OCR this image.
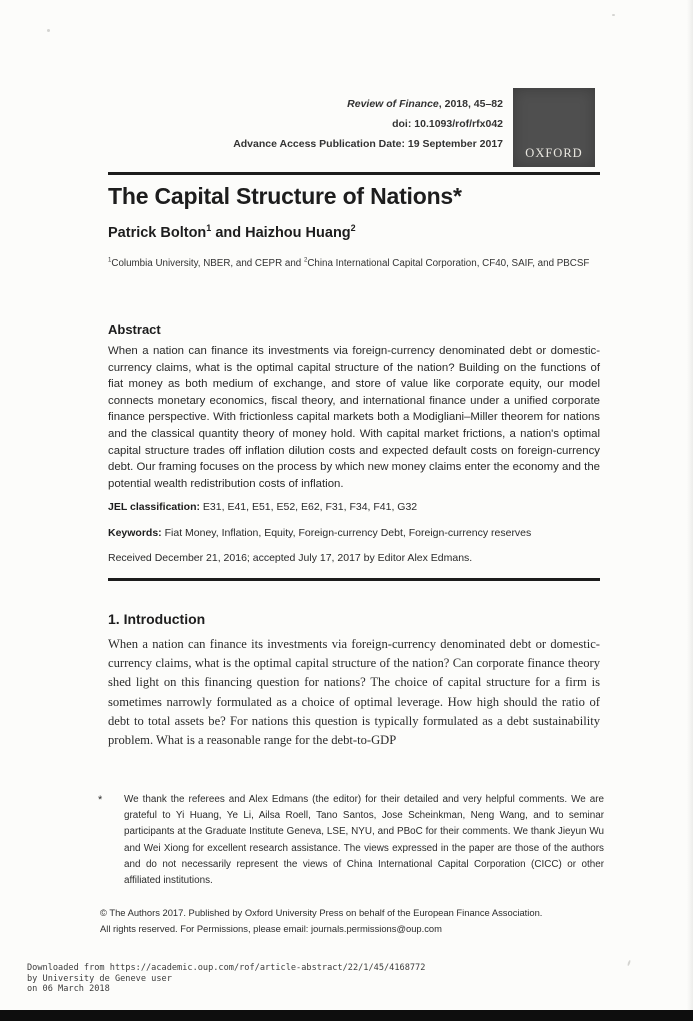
Review of Finance, 2018, 45–82
doi: 10.1093/rof/rfx042
Advance Access Publication Date: 19 September 2017
OXFORD
The Capital Structure of Nations*
Patrick Bolton$^1$ and Haizhou Huang$^2$
$^1$Columbia University, NBER, and CEPR and $^2$China International Capital Corporation, CF40, SAIF, and PBCSF
Abstract
When a nation can finance its investments via foreign-currency denominated debt or domestic-currency claims, what is the optimal capital structure of the nation? Building on the functions of fiat money as both medium of exchange, and store of value like corporate equity, our model connects monetary economics, fiscal theory, and international finance under a unified corporate finance perspective. With frictionless capital markets both a Modigliani–Miller theorem for nations and the classical quantity theory of money hold. With capital market frictions, a nation's optimal capital structure trades off inflation dilution costs and expected default costs on foreign-currency debt. Our framing focuses on the process by which new money claims enter the economy and the potential wealth redistribution costs of inflation.
JEL classification: E31, E41, E51, E52, E62, F31, F34, F41, G32
Keywords: Fiat Money, Inflation, Equity, Foreign-currency Debt, Foreign-currency reserves
Received December 21, 2016; accepted July 17, 2017 by Editor Alex Edmans.
1. Introduction
When a nation can finance its investments via foreign-currency denominated debt or domestic-currency claims, what is the optimal capital structure of the nation? Can corporate finance theory shed light on this financing question for nations? The choice of capital structure for a firm is sometimes narrowly formulated as a choice of optimal leverage. How high should the ratio of debt to total assets be? For nations this question is typically formulated as a debt sustainability problem. What is a reasonable range for the debt-to-GDP
*	We thank the referees and Alex Edmans (the editor) for their detailed and very helpful comments. We are grateful to Yi Huang, Ye Li, Ailsa Roell, Tano Santos, Jose Scheinkman, Neng Wang, and to seminar participants at the Graduate Institute Geneva, LSE, NYU, and PBoC for their comments. We thank Jieyun Wu and Wei Xiong for excellent research assistance. The views expressed in the paper are those of the authors and do not necessarily represent the views of China International Capital Corporation (CICC) or other affiliated institutions.
© The Authors 2017. Published by Oxford University Press on behalf of the European Finance Association.
All rights reserved. For Permissions, please email: journals.permissions@oup.com
Downloaded from https://academic.oup.com/rof/article-abstract/22/1/45/4168772
by University de Geneve user
on 06 March 2018
